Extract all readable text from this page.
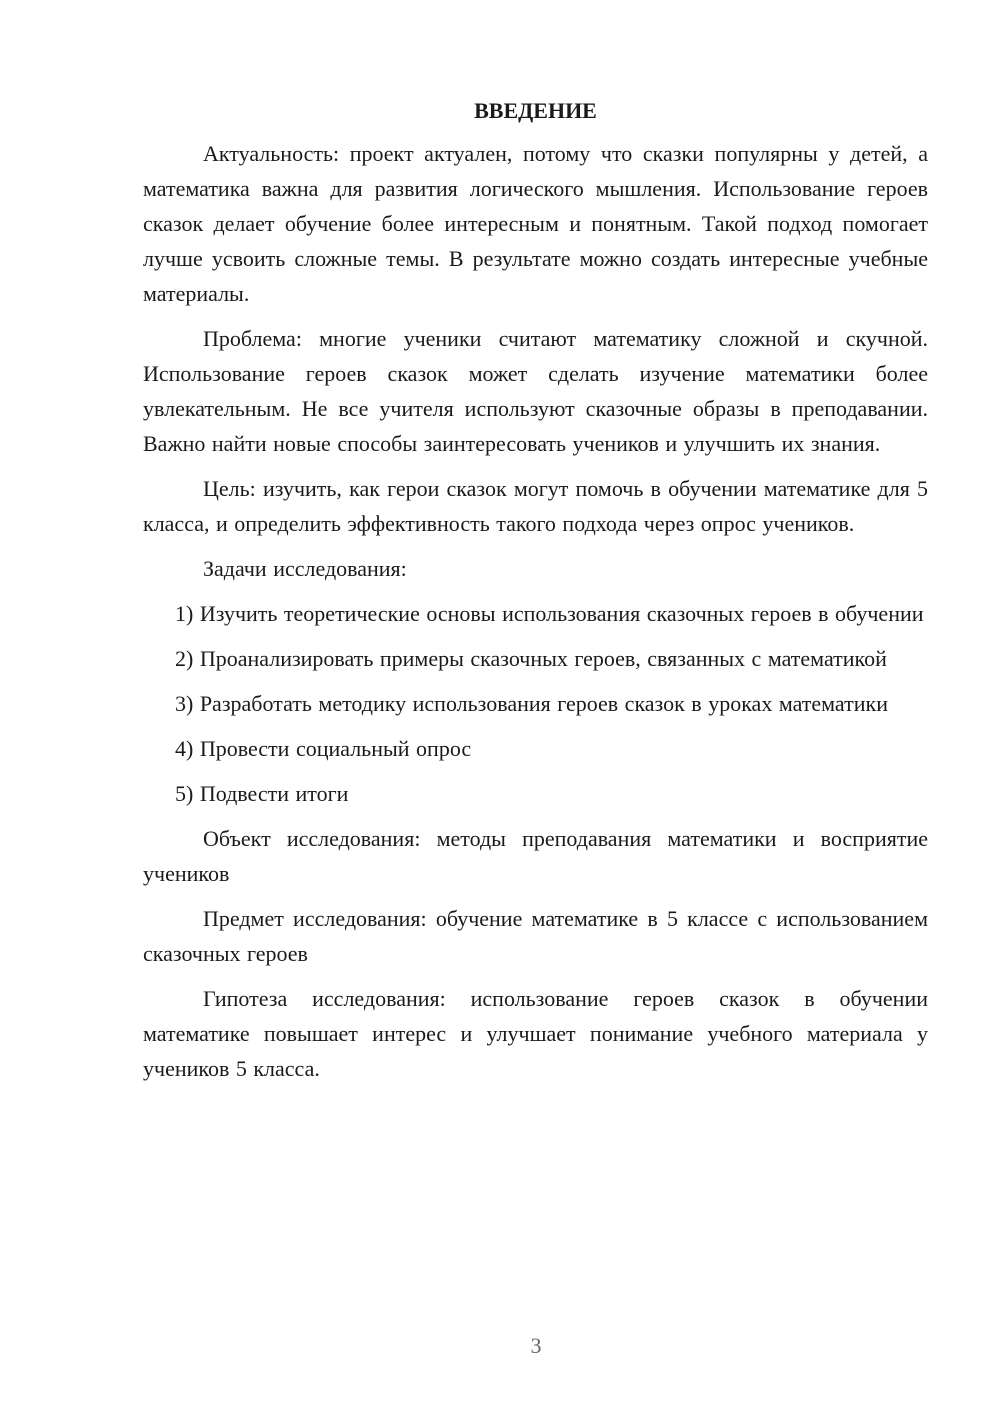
ВВЕДЕНИЕ

Актуальность: проект актуален, потому что сказки популярны у детей, а математика важна для развития логического мышления. Использование героев сказок делает обучение более интересным и понятным. Такой подход помогает лучше усвоить сложные темы. В результате можно создать интересные учебные материалы.

Проблема: многие ученики считают математику сложной и скучной. Использование героев сказок может сделать изучение математики более увлекательным. Не все учителя используют сказочные образы в преподавании. Важно найти новые способы заинтересовать учеников и улучшить их знания.

Цель: изучить, как герои сказок могут помочь в обучении математике для 5 класса, и определить эффективность такого подхода через опрос учеников.

Задачи исследования:

1) Изучить теоретические основы использования сказочных героев в обучении

2) Проанализировать примеры сказочных героев, связанных с математикой

3) Разработать методику использования героев сказок в уроках математики

4) Провести социальный опрос

5) Подвести итоги

Объект исследования: методы преподавания математики и восприятие учеников

Предмет исследования: обучение математике в 5 классе с использованием сказочных героев

Гипотеза исследования: использование героев сказок в обучении математике повышает интерес и улучшает понимание учебного материала у учеников 5 класса.

3
